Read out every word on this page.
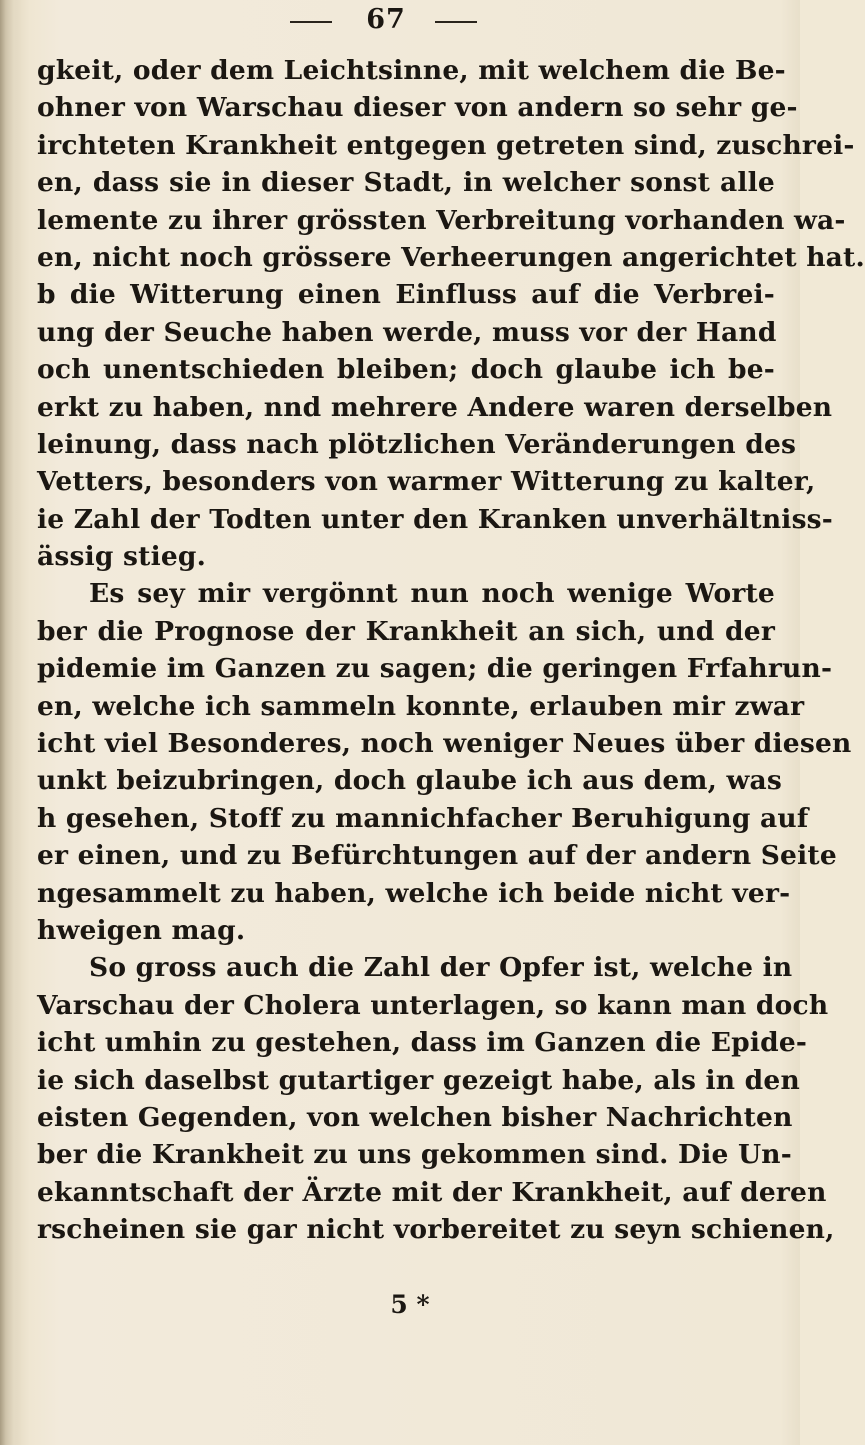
67
gkeit, oder dem Leichtsinne, mit welchem die Be-
ohner von Warschau dieser von andern so sehr ge-
irchteten Krankheit entgegen getreten sind, zuschrei-
en, dass sie in dieser Stadt, in welcher sonst alle
lemente zu ihrer grössten Verbreitung vorhanden wa-
en, nicht noch grössere Verheerungen angerichtet hat.
b die Witterung einen Einfluss auf die Verbrei-
ung der Seuche haben werde, muss vor der Hand
och unentschieden bleiben; doch glaube ich be-
erkt zu haben, nnd mehrere Andere waren derselben
leinung, dass nach plötzlichen Veränderungen des
Vetters, besonders von warmer Witterung zu kalter,
ie Zahl der Todten unter den Kranken unverhältniss-
ässig stieg.
Es sey mir vergönnt nun noch wenige Worte
ber die Prognose der Krankheit an sich, und der
pidemie im Ganzen zu sagen; die geringen Frfahrun-
en, welche ich sammeln konnte, erlauben mir zwar
icht viel Besonderes, noch weniger Neues über diesen
unkt beizubringen, doch glaube ich aus dem, was
h gesehen, Stoff zu mannichfacher Beruhigung auf
er einen, und zu Befürchtungen auf der andern Seite
ngesammelt zu haben, welche ich beide nicht ver-
hweigen mag.
So gross auch die Zahl der Opfer ist, welche in
Varschau der Cholera unterlagen, so kann man doch
icht umhin zu gestehen, dass im Ganzen die Epide-
ie sich daselbst gutartiger gezeigt habe, als in den
eisten Gegenden, von welchen bisher Nachrichten
ber die Krankheit zu uns gekommen sind. Die Un-
ekanntschaft der Ärzte mit der Krankheit, auf deren
rscheinen sie gar nicht vorbereitet zu seyn schienen,
5 *
